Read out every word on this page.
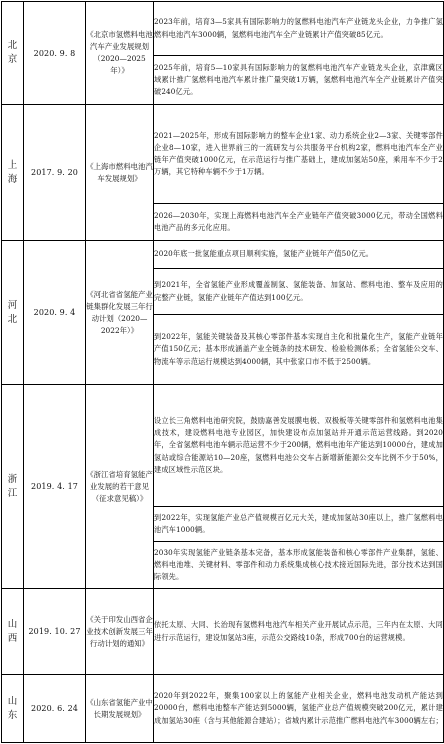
北京	2020. 9. 8	《北京市氢燃料电池汽车产业发展规划（2020—2025年）》	2023年前，培育3—5家具有国际影响力的氢燃料电池汽车产业链龙头企业，力争推广氢燃料电池汽车3000辆，氢燃料电池汽车全产业链累计产值突破85亿元。
			2025年前，培育5—10家具有国际影响力的氢燃料电池汽车产业链龙头企业，京津冀区域累计推广氢燃料电池汽车累计推广量突破1万辆，氢燃料电池汽车全产业链累计产值突破240亿元。
上海	2017. 9. 20	《上海市燃料电池汽车发展规划》	2021—2025年，形成有国际影响力的整车企业1家、动力系统企业2—3家、关键零部件企业8—10家，进入世界前三的一流研发与公共服务平台机构2家，燃料电池汽车全产业链年产值突破1000亿元，在示范运行与推广基础上，建成加氢站50座，乘用车不少于2万辆，其它特种车辆不少于1万辆。
			2026—2030年，实现上海燃料电池汽车全产业链年产值突破3000亿元，带动全国燃料电池产品的多元化应用。
河北	2020. 9. 4	《河北省省氢能产业链集群化发展三年行动计划（2020—2022年）》	2020年底一批氢能重点项目顺利实施，氢能产业链年产值50亿元。
			到2021年，全省氢能产业形成覆盖制氢、氢能装备、加氢站、燃料电池、整车及应用的完整产业链，氢能产业链年产值达到100亿元。
			到2022年，氢能关键装备及其核心零部件基本实现自主化和批量化生产，氢能产业链年产值150亿元；基本形成涵盖产业全链条的技术研发、检验检测体系；全省氢能公交车、物流车等示范运行规模达到4000辆，其中张家口市不低于2500辆。
浙江	2019. 4. 17	《浙江省培育氢能产业发展的若干意见（征求意见稿）》	设立长三角燃料电池研究院，鼓励嘉善发展膜电极、双极板等关键零部件和氢燃料电池集成技术，建设燃料电池专业园区，加快建设布点加氢站并开通示范运营线路。到2020年，全省氢燃料电池车辆示范运营不少于200辆，燃料电池年产能达到10000台，建成加氢站或综合能源站10—20座，氢燃料电池公交车占新增新能源公交车比例不少于50%，建成区域性示范区块。
			到2022年，实现氢能产业总产值规模百亿元大关，建成加氢站30座以上，推广氢燃料电池汽车1000辆。
			2030年实现氢能产业链条基本完备，基本形成氢能装备和核心零部件产业集群，氢能、燃料电池堆、关键材料、零部件和动力系统集成核心技术接近国际先进，部分技术达到国际领先。
山西	2019. 10. 27	《关于印发山西省企业技术创新发展三年行动计划的通知》	依托太原、大同、长治现有氢燃料电池汽车相关产业开展试点示范，三年内在太原、大同进行示范运行，建设加氢站3座，示范公交路线10条，形成700台的运营规模。
山东	2020. 6. 24	《山东省氢能产业中长期发展规划》	2020年到2022年，聚集100家以上的氢能产业相关企业，燃料电池发动机产能达到20000台，燃料电池整车产能达到5000辆，氢能产业总产值规模突破200亿元，累计建成加氢站30座（含与其他能源合建站）；省城内累计示范推广燃料电池汽车3000辆左右；
